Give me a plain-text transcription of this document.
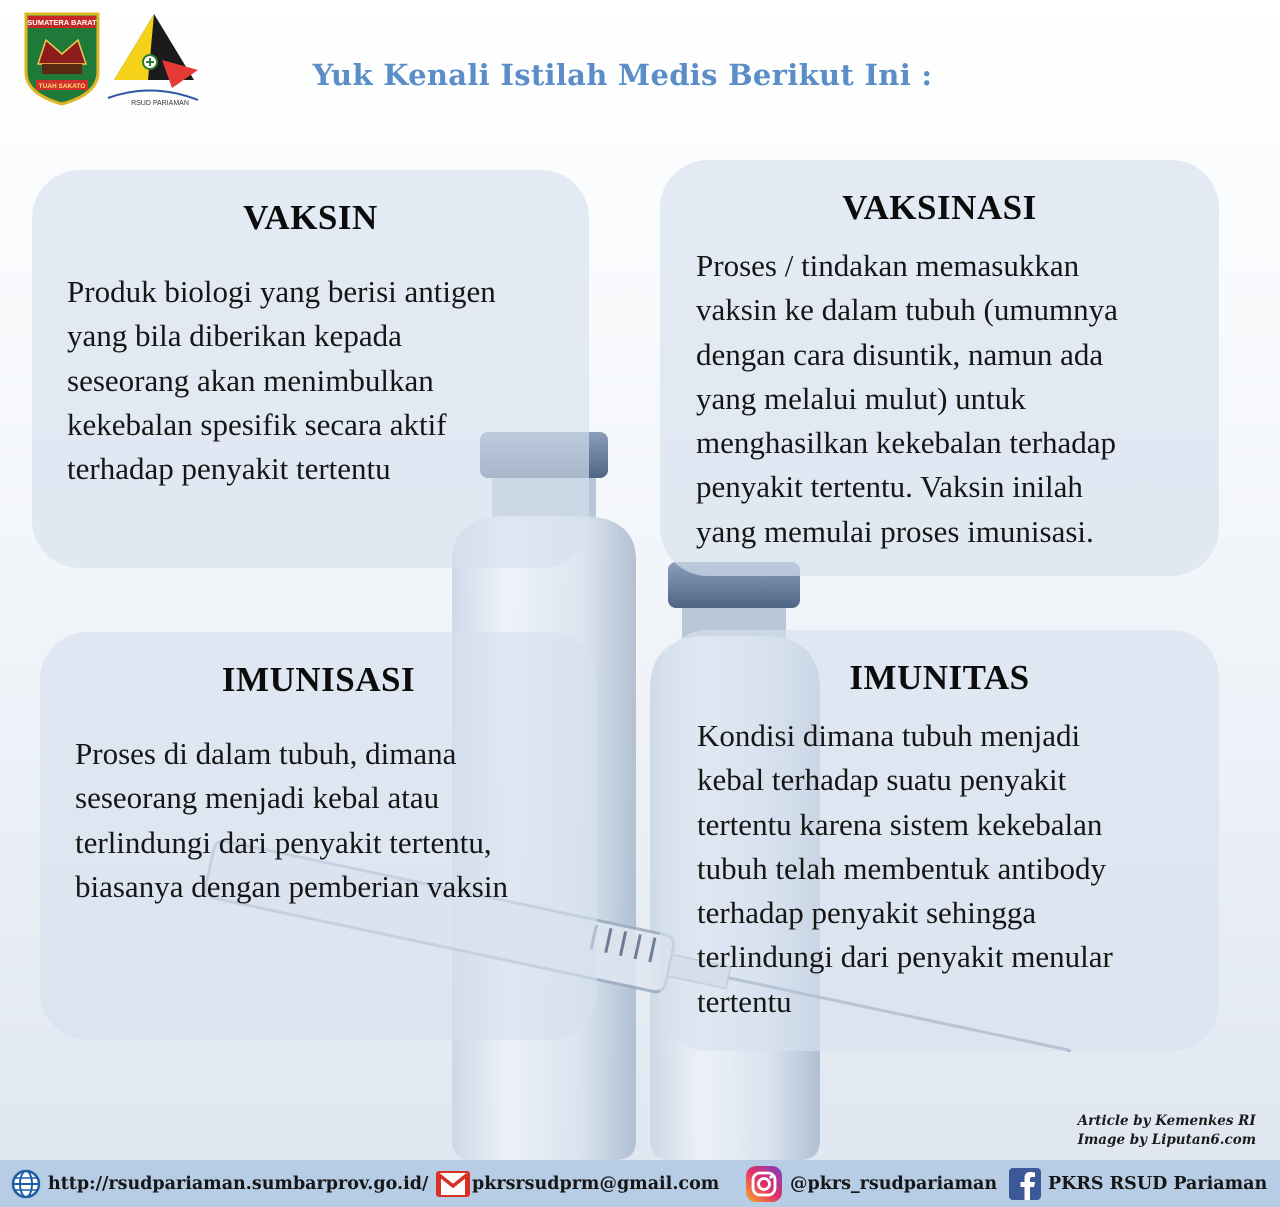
SUMATERA BARAT
TUAH SAKATO
RSUD PARIAMAN
Yuk Kenali Istilah Medis Berikut Ini :
VAKSIN
Produk biologi yang berisi antigen
yang bila diberikan kepada
seseorang akan menimbulkan
kekebalan spesifik secara aktif
terhadap penyakit tertentu
VAKSINASI
Proses / tindakan memasukkan
vaksin ke dalam tubuh (umumnya
dengan cara disuntik, namun ada
yang melalui mulut) untuk
menghasilkan kekebalan terhadap
penyakit tertentu. Vaksin inilah
yang memulai proses imunisasi.
IMUNISASI
Proses di dalam tubuh, dimana
seseorang menjadi kebal atau
terlindungi dari penyakit tertentu,
biasanya dengan pemberian vaksin
IMUNITAS
Kondisi dimana tubuh menjadi
kebal terhadap suatu penyakit
tertentu karena sistem kekebalan
tubuh telah membentuk antibody
terhadap penyakit sehingga
terlindungi dari penyakit menular
tertentu
Article by Kemenkes RI
Image by Liputan6.com
http://rsudpariaman.sumbarprov.go.id/ pkrsrsudprm@gmail.com	@pkrs_rsudpariaman	PKRS RSUD Pariaman
